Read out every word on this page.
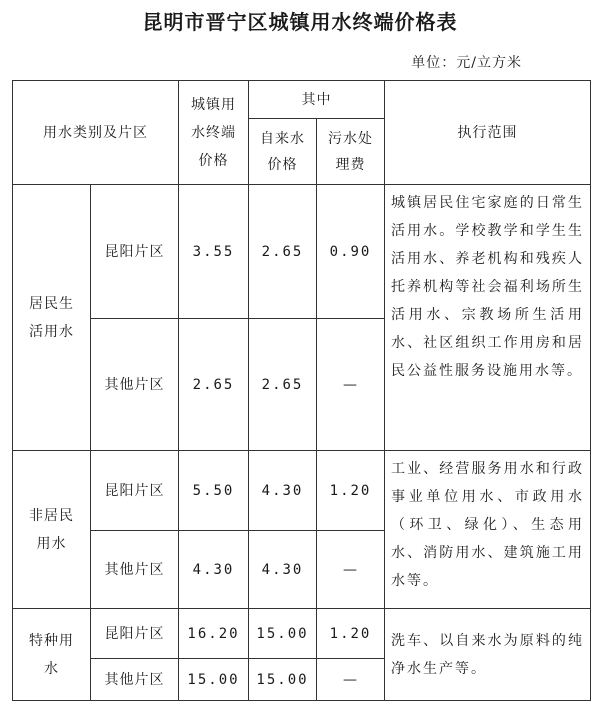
昆明市晋宁区城镇用水终端价格表
单位：元/立方米
用水类别及片区		城镇用水终端价格	其中		执行范围
			自来水价格	污水处理费	
居民生活用水	昆阳片区	3.55	2.65	0.90	城镇居民住宅家庭的日常生活用水。学校教学和学生生活用水、养老机构和残疾人托养机构等社会福利场所生活用水、宗教场所生活用水、社区组织工作用房和居民公益性服务设施用水等。
	其他片区	2.65	2.65	—	
非居民用水	昆阳片区	5.50	4.30	1.20	工业、经营服务用水和行政事业单位用水、市政用水（环卫、绿化）、生态用水、消防用水、建筑施工用水等。
	其他片区	4.30	4.30	—	
特种用水	昆阳片区	16.20	15.00	1.20	洗车、以自来水为原料的纯净水生产等。
	其他片区	15.00	15.00	—	
